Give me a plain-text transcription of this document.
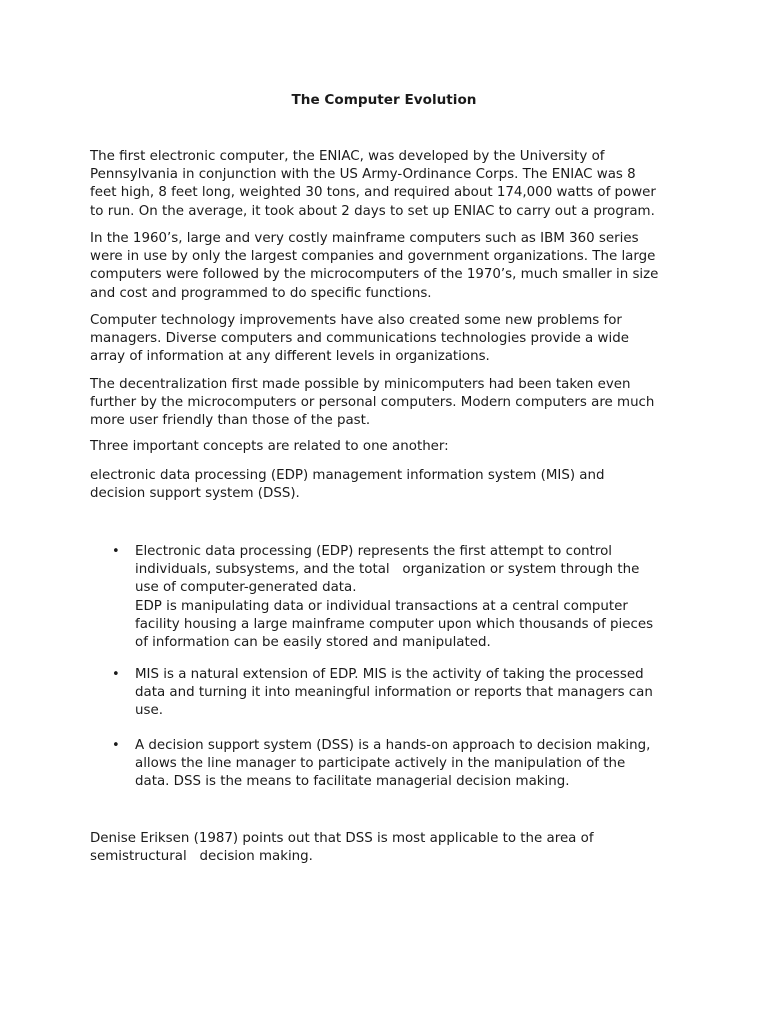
The Computer Evolution

The first electronic computer, the ENIAC, was developed by the University of
Pennsylvania in conjunction with the US Army-Ordinance Corps. The ENIAC was 8
feet high, 8 feet long, weighted 30 tons, and required about 174,000 watts of power
to run. On the average, it took about 2 days to set up ENIAC to carry out a program.

In the 1960’s, large and very costly mainframe computers such as IBM 360 series
were in use by only the largest companies and government organizations. The large
computers were followed by the microcomputers of the 1970’s, much smaller in size
and cost and programmed to do specific functions.

Computer technology improvements have also created some new problems for
managers. Diverse computers and communications technologies provide a wide
array of information at any different levels in organizations.

The decentralization first made possible by minicomputers had been taken even
further by the microcomputers or personal computers. Modern computers are much
more user friendly than those of the past.

Three important concepts are related to one another:

electronic data processing (EDP) management information system (MIS) and
decision support system (DSS).

•	Electronic data processing (EDP) represents the first attempt to control
individuals, subsystems, and the total   organization or system through the
use of computer-generated data.
EDP is manipulating data or individual transactions at a central computer
facility housing a large mainframe computer upon which thousands of pieces
of information can be easily stored and manipulated.
•	MIS is a natural extension of EDP. MIS is the activity of taking the processed
data and turning it into meaningful information or reports that managers can
use.
•	A decision support system (DSS) is a hands-on approach to decision making,
allows the line manager to participate actively in the manipulation of the
data. DSS is the means to facilitate managerial decision making.

Denise Eriksen (1987) points out that DSS is most applicable to the area of
semistructural   decision making.
